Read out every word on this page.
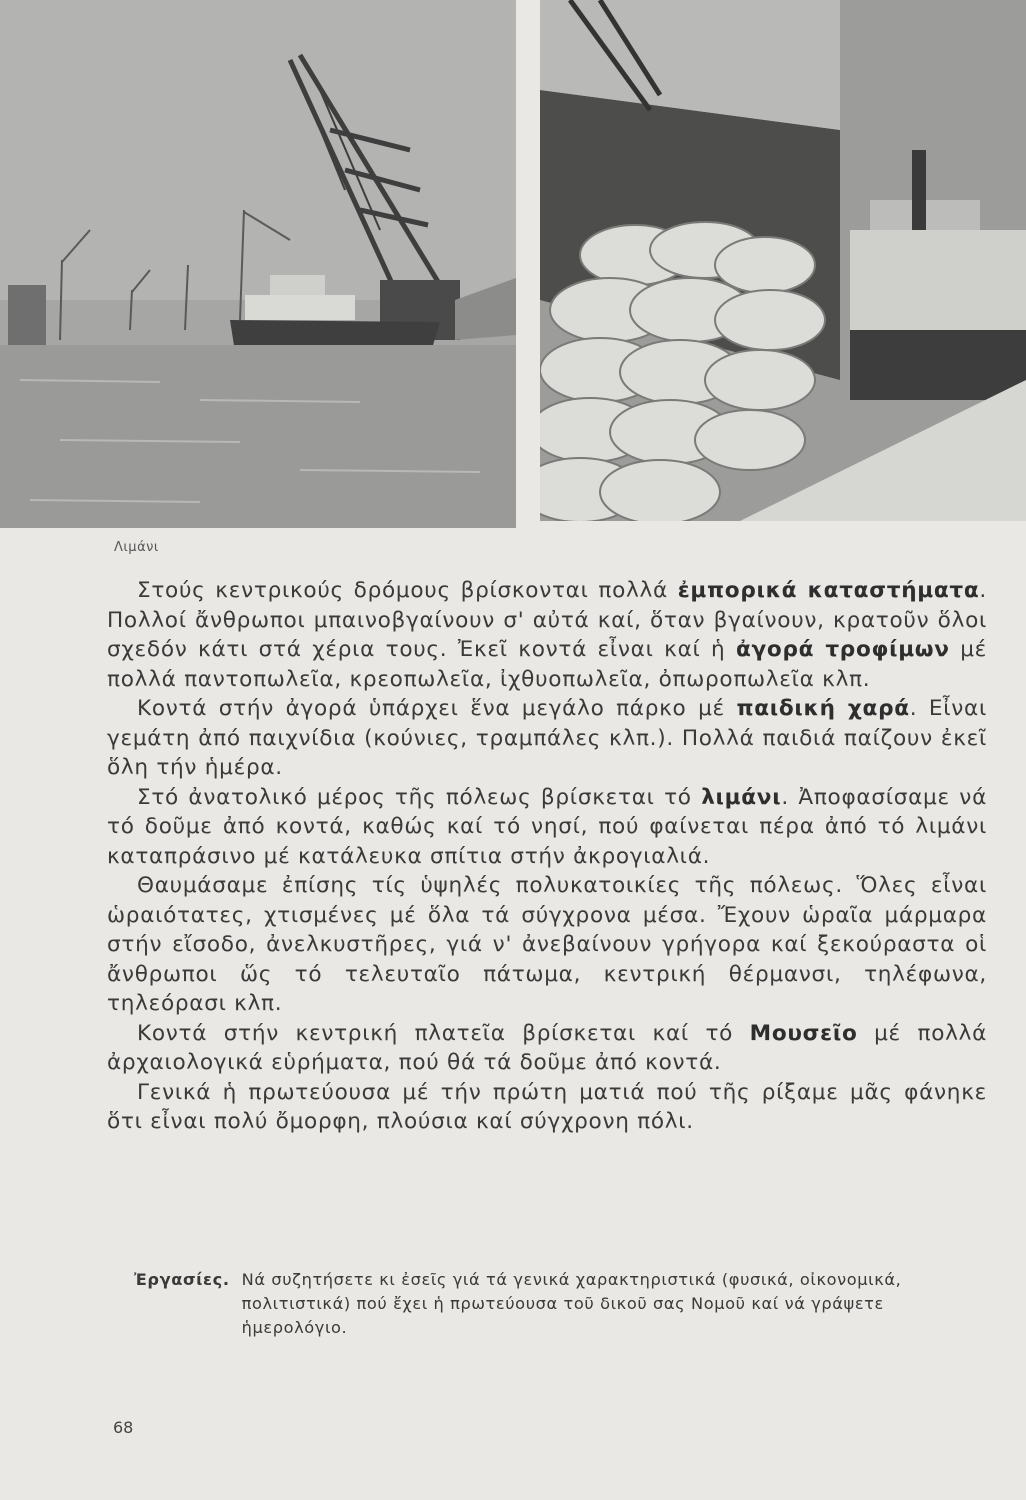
Λιμάνι

Στούς κεντρικούς δρόμους βρίσκονται πολλά ἐμπορικά καταστήματα. Πολλοί ἄνθρωποι μπαινοβγαίνουν σ' αὐτά καί, ὅταν βγαίνουν, κρατοῦν ὅλοι σχεδόν κάτι στά χέρια τους. Ἐκεῖ κοντά εἶναι καί ἡ ἀγορά τροφίμων μέ πολλά παντοπωλεῖα, κρεοπωλεῖα, ἰχθυοπωλεῖα, ὀπωροπωλεῖα κλπ.

Κοντά στήν ἀγορά ὑπάρχει ἕνα μεγάλο πάρκο μέ παιδική χαρά. Εἶναι γεμάτη ἀπό παιχνίδια (κούνιες, τραμπάλες κλπ.). Πολλά παιδιά παίζουν ἐκεῖ ὅλη τήν ἡμέρα.

Στό ἀνατολικό μέρος τῆς πόλεως βρίσκεται τό λιμάνι. Ἀποφασίσαμε νά τό δοῦμε ἀπό κοντά, καθώς καί τό νησί, πού φαίνεται πέρα ἀπό τό λιμάνι καταπράσινο μέ κατάλευκα σπίτια στήν ἀκρογιαλιά.

Θαυμάσαμε ἐπίσης τίς ὑψηλές πολυκατοικίες τῆς πόλεως. Ὅλες εἶναι ὡραιότατες, χτισμένες μέ ὅλα τά σύγχρονα μέσα. Ἔχουν ὡραῖα μάρμαρα στήν εἴσοδο, ἀνελκυστῆρες, γιά ν' ἀνεβαίνουν γρήγορα καί ξεκούραστα οἱ ἄνθρωποι ὥς τό τελευταῖο πάτωμα, κεντρική θέρμανσι, τηλέφωνα, τηλεόρασι κλπ.

Κοντά στήν κεντρική πλατεῖα βρίσκεται καί τό Μουσεῖο μέ πολλά ἀρχαιολογικά εὑρήματα, πού θά τά δοῦμε ἀπό κοντά.

Γενικά ἡ πρωτεύουσα μέ τήν πρώτη ματιά πού τῆς ρίξαμε μᾶς φάνηκε ὅτι εἶναι πολύ ὄμορφη, πλούσια καί σύγχρονη πόλι.

Ἐργασίες. Νά συζητήσετε κι ἐσεῖς γιά τά γενικά χαρακτηριστικά (φυσικά, οἰκονομικά, πολιτιστικά) πού ἔχει ἡ πρωτεύουσα τοῦ δικοῦ σας Νομοῦ καί νά γράψετε ἡμερολόγιο.
68
